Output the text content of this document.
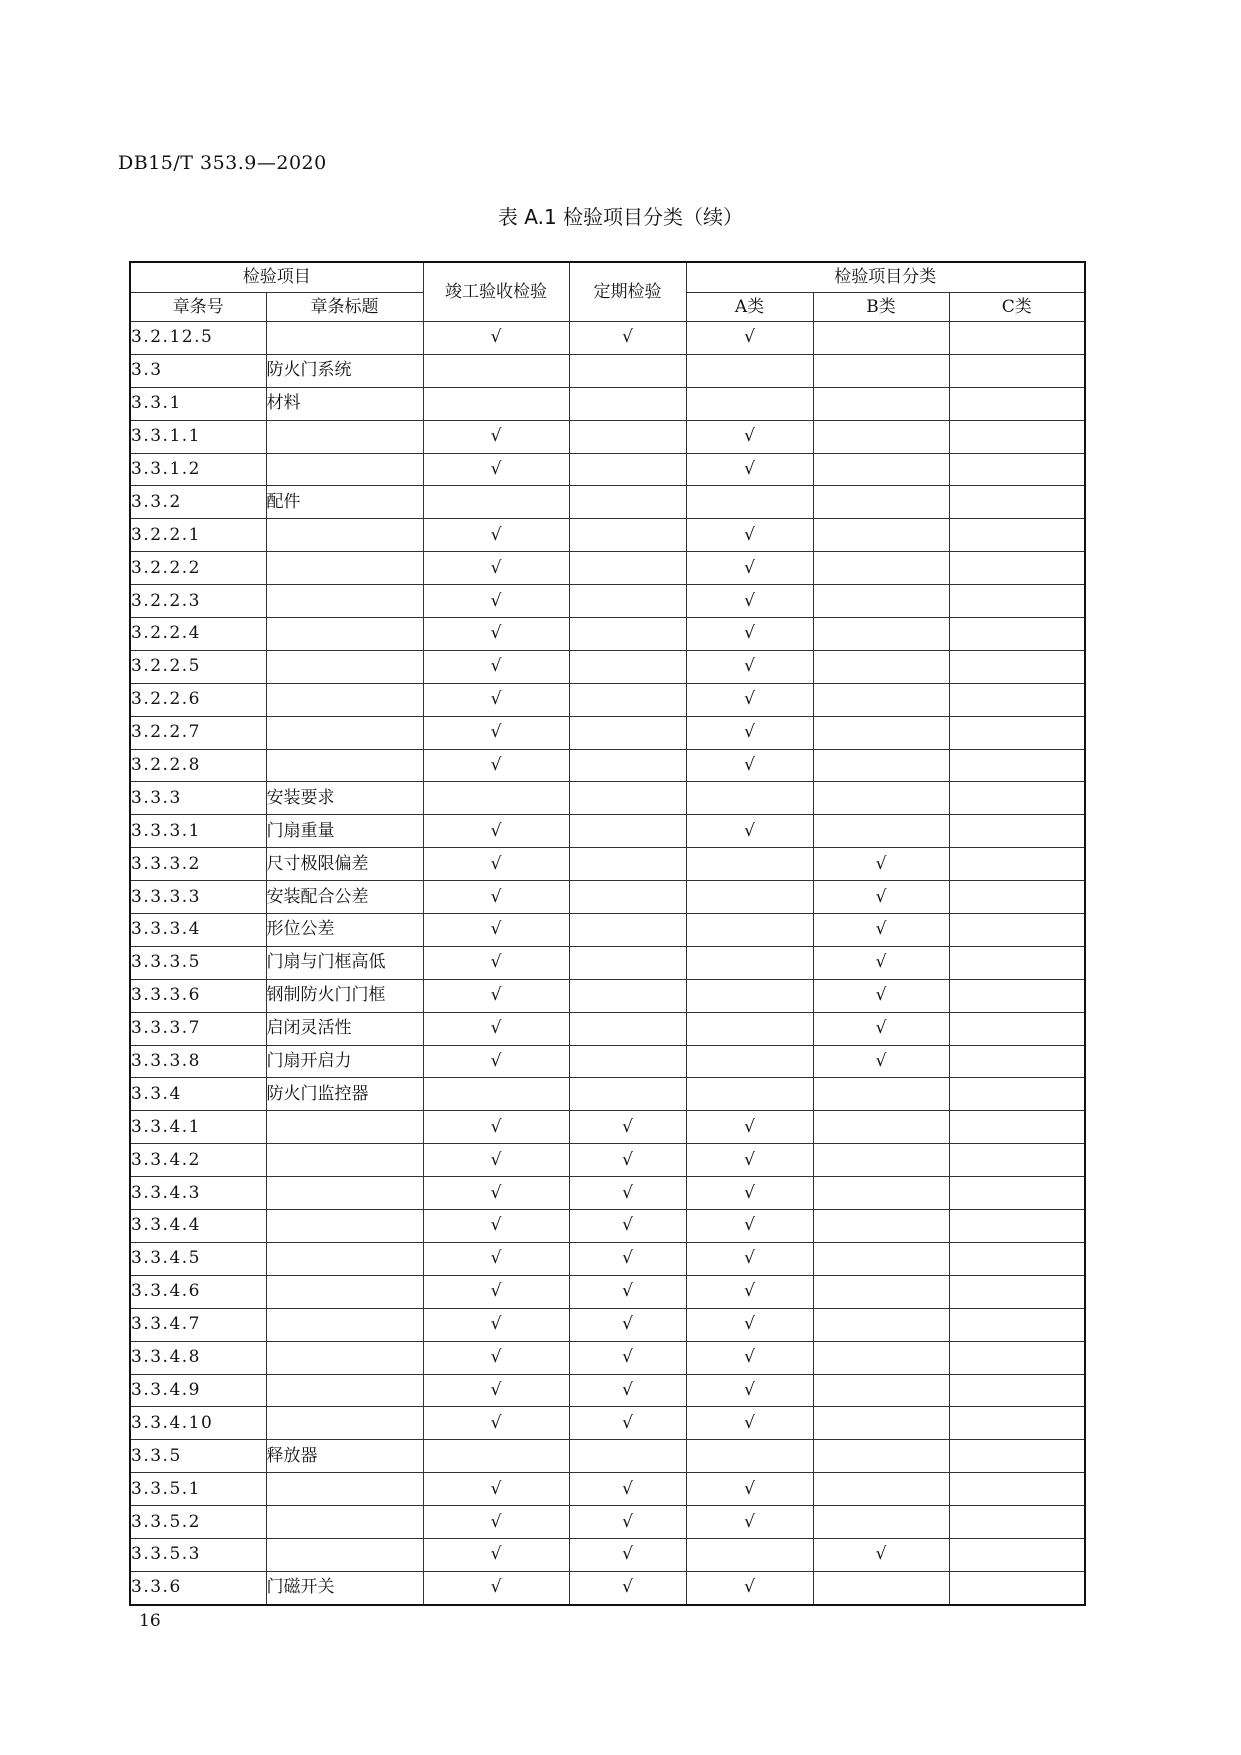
DB15/T 353.9—2020
表 A.1 检验项目分类（续）
检验项目		竣工验收检验	定期检验	检验项目分类		
章条号	章条标题			A类	B类	C类
3.2.12.5		√	√	√		
3.3	防火门系统					
3.3.1	材料					
3.3.1.1		√		√		
3.3.1.2		√		√		
3.3.2	配件					
3.2.2.1		√		√		
3.2.2.2		√		√		
3.2.2.3		√		√		
3.2.2.4		√		√		
3.2.2.5		√		√		
3.2.2.6		√		√		
3.2.2.7		√		√		
3.2.2.8		√		√		
3.3.3	安装要求					
3.3.3.1	门扇重量	√		√		
3.3.3.2	尺寸极限偏差	√			√	
3.3.3.3	安装配合公差	√			√	
3.3.3.4	形位公差	√			√	
3.3.3.5	门扇与门框高低	√			√	
3.3.3.6	钢制防火门门框	√			√	
3.3.3.7	启闭灵活性	√			√	
3.3.3.8	门扇开启力	√			√	
3.3.4	防火门监控器					
3.3.4.1		√	√	√		
3.3.4.2		√	√	√		
3.3.4.3		√	√	√		
3.3.4.4		√	√	√		
3.3.4.5		√	√	√		
3.3.4.6		√	√	√		
3.3.4.7		√	√	√		
3.3.4.8		√	√	√		
3.3.4.9		√	√	√		
3.3.4.10		√	√	√		
3.3.5	释放器					
3.3.5.1		√	√	√		
3.3.5.2		√	√	√		
3.3.5.3		√	√		√	
3.3.6	门磁开关	√	√	√		
16
